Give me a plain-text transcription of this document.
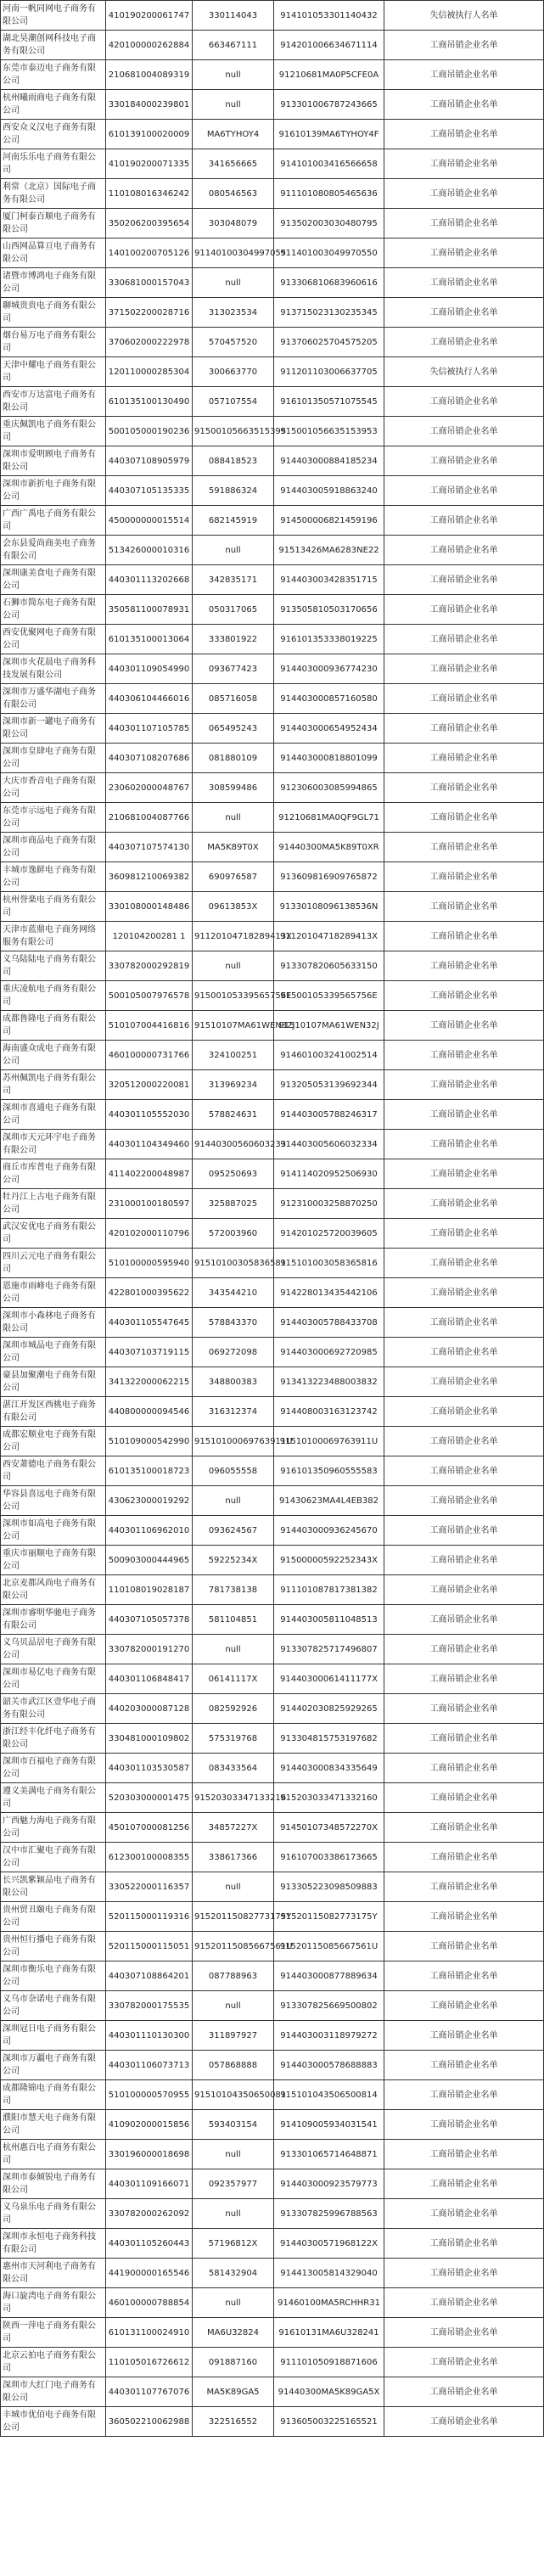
河南一帆同网电子商务有限公司	410190200061747	330114043	914101053301140432	失信被执行人名单
湖北昊潮创网科技电子商务有限公司	420100000262884	663467111	914201006634671114	工商吊销企业名单
东莞市泰迈电子商务有限公司	210681004089319	null	91210681MA0P5CFE0A	工商吊销企业名单
杭州曦雨商电子商务有限公司	330184000239801	null	913301006787243665	工商吊销企业名单
西安众义汉电子商务有限公司	610139100020009	MA6TYHOY4	91610139MA6TYHOY4F	工商吊销企业名单
河南乐乐电子商务有限公司	410190200071335	341656665	914101003416566658	工商吊销企业名单
利常（北京）国际电子商务有限公司	110108016346242	080546563	911101080805465636	工商吊销企业名单
厦门柯泰百顺电子商务有限公司	350206200395654	303048079	913502003030480795	工商吊销企业名单
山西网品算亘电子商务有限公司	140100200705126	91140100304997055	911401003049970550	工商吊销企业名单
诸暨市博鸿电子商务有限公司	330681000157043	null	913306810683960616	工商吊销企业名单
聊城贵贵电子商务有限公司	371502200028716	313023534	913715023130235345	工商吊销企业名单
烟台易万电子商务有限公司	370602000222978	570457520	913706025704575205	工商吊销企业名单
天津中耀电子商务有限公司	120110000285304	300663770	911201103006637705	失信被执行人名单
西安市万达富电子商务有限公司	610135100130490	057107554	916101350571075545	工商吊销企业名单
重庆佩凯电子商务有限公司	500105000190236	91500105663515395	915001056635153953	工商吊销企业名单
深圳市爱明顾电子商务有限公司	440307108905979	088418523	914403000884185234	工商吊销企业名单
深圳市新折电子商务有限公司	440307105135335	591886324	914403005918863240	工商吊销企业名单
广西广禹电子商务有限公司	450000000015514	682145919	914500006821459196	工商吊销企业名单
会东县爱尚商美电子商务有限公司	513426000010316	null	91513426MA6283NE22	工商吊销企业名单
深圳康美食电子商务有限公司	440301113202668	342835171	914403003428351715	工商吊销企业名单
石狮市简东电子商务有限公司	350581100078931	050317065	913505810503170656	工商吊销企业名单
西安优聚网电子商务有限公司	610135100013064	333801922	916101353338019225	工商吊销企业名单
深圳市火花晨电子商务科技发展有限公司	440301109054990	093677423	914403000936774230	工商吊销企业名单
深圳市万盛华湖电子商务有限公司	440306104466016	085716058	914403000857160580	工商吊销企业名单
深圳市新一罐电子商务有限公司	440301107105785	065495243	914403000654952434	工商吊销企业名单
深圳市皇肆电子商务有限公司	440307108207686	081880109	914403000818801099	工商吊销企业名单
大庆市香音电子商务有限公司	230602000048767	308599486	912306003085994865	工商吊销企业名单
东莞市示远电子商务有限公司	210681004087766	null	91210681MA0QF9GL71	工商吊销企业名单
深圳市商品电子商务有限公司	440307107574130	MA5K89T0X	91440300MA5K89T0XR	工商吊销企业名单
丰城市逸鲜电子商务有限公司	360981210069382	690976587	913609816909765872	工商吊销企业名单
杭州誉楽电子商务有限公司	330108000148486	09613853X	91330108096138536N	工商吊销企业名单
天津市蓝鼎电子商务网络服务有限公司	120104200281 1	91120104718289413X	91120104718289413X	工商吊销企业名单
义乌陆陆电子商务有限公司	330782000292819	null	913307820605633150	工商吊销企业名单
重庆凌航电子商务有限公司	500105007976578	91500105339565756E	91500105339565756E	工商吊销企业名单
成都鲁隆电子商务有限公司	510107004416816	91510107MA61WEN32J	91510107MA61WEN32J	工商吊销企业名单
海南盛众成电子商务有限公司	460100000731766	324100251	914601003241002514	工商吊销企业名单
苏州佩凯电子商务有限公司	320512000220081	313969234	913205053139692344	工商吊销企业名单
深圳市喜通电子商务有限公司	440301105552030	578824631	914403005788246317	工商吊销企业名单
深圳市天元环宇电子商务有限公司	440301104349460	91440300560603233	914403005606032334	工商吊销企业名单
商丘市库普电子商务有限公司	411402200048987	095250693	914114020952506930	工商吊销企业名单
牡丹江上古电子商务有限公司	231000100180597	325887025	912310003258870250	工商吊销企业名单
武汉安优电子商务有限公司	420102000110796	572003960	914201025720039605	工商吊销企业名单
四川云元电子商务有限公司	510100000595940	91510100305836581	915101003058365816	工商吊销企业名单
恩施市雨峰电子商务有限公司	422801000395622	343544210	914228013435442106	工商吊销企业名单
深圳市小森林电子商务有限公司	440301105547645	578843370	914403005788433708	工商吊销企业名单
深圳市城品电子商务有限公司	440307103719115	069272098	914403000692720985	工商吊销企业名单
豪县加聚潮电子商务有限公司	341322000062215	348800383	913413223488003832	工商吊销企业名单
湛江开发区西桃电子商务有限公司	440800000094546	316312374	914408003163123742	工商吊销企业名单
成都宏顺业电子商务有限公司	510109000542990	91510100069763911U	91510100069763911U	工商吊销企业名单
西安萧德电子商务有限公司	610135100018723	096055558	916101350960555583	工商吊销企业名单
华容县喜远电子商务有限公司	430623000019292	null	91430623MA4L4EB382	工商吊销企业名单
深圳市如高电子商务有限公司	440301106962010	093624567	914403000936245670	工商吊销企业名单
重庆市丽顺电子商务有限公司	500903000444965	59225234X	91500000592252343X	工商吊销企业名单
北京麦都风尚电子商务有限公司	110108019028187	781738138	911101087817381382	工商吊销企业名单
深圳市睿明华驰电子商务有限公司	440307105057378	581104851	914403005811048513	工商吊销企业名单
义乌贝品居电子商务有限公司	330782000191270	null	913307825717496807	工商吊销企业名单
深圳市易亿电子商务有限公司	440301106848417	06141117X	91440300061411177X	工商吊销企业名单
韶关市武江区壹华电子商务有限公司	440203000087128	082592926	914402030825929265	工商吊销企业名单
浙江经丰化纤电子商务有限公司	330481000109802	575319768	913304815753197682	工商吊销企业名单
深圳市百福电子商务有限公司	440301103530587	083433564	914403000834335649	工商吊销企业名单
遵义美满电子商务有限公司	520303000001475	91520303347133216	915203033471332160	工商吊销企业名单
广西魅力海电子商务有限公司	450107000081256	34857227X	91450107348572270X	工商吊销企业名单
汉中市汇聚电子商务有限公司	612300100008355	338617366	916107003386173665	工商吊销企业名单
长兴凯紫颖品电子商务有限公司	330522000116357	null	913305223098509883	工商吊销企业名单
贵州贸丑颐电子商务有限公司	520115000119316	91520115082773175Y	91520115082773175Y	工商吊销企业名单
贵州恒行播电子商务有限公司	520115000115051	91520115085667561U	91520115085667561U	工商吊销企业名单
深圳市衡乐电子商务有限公司	440307108864201	087788963	914403000877889634	工商吊销企业名单
义乌市奈诺电子商务有限公司	330782000175535	null	913307825669500802	工商吊销企业名单
深圳冠日电子商务有限公司	440301110130300	311897927	914403003118979272	工商吊销企业名单
深圳市万疆电子商务有限公司	440301106073713	057868888	914403000578688883	工商吊销企业名单
成都隆锦电子商务有限公司	510100000570955	91510104350650081	915101043506500814	工商吊销企业名单
濮阳市慧天电子商务有限公司	410902000015856	593403154	914109005934031541	工商吊销企业名单
杭州惠百电子商务有限公司	330196000018698	null	913301065714648871	工商吊销企业名单
深圳市泰倾锐电子商务有限公司	440301109166071	092357977	914403000923579773	工商吊销企业名单
义乌泉乐电子商务有限公司	330782000262092	null	913307825996788563	工商吊销企业名单
深圳市永恒电子商务科技有限公司	440301105260443	57196812X	91440300571968122X	工商吊销企业名单
惠州市天河利电子商务有限公司	441900000165546	581432904	914413005814329040	工商吊销企业名单
海口旋湾电子商务有限公司	460100000788854	null	91460100MA5RCHHR31	工商吊销企业名单
陕西一萍电子商务有限公司	610131100024910	MA6U32824	91610131MA6U328241	工商吊销企业名单
北京云拍电子商务有限公司	110105016726612	091887160	911101050918871606	工商吊销企业名单
深圳市大红门电子商务有限公司	440301107767076	MA5K89GA5	91440300MA5K89GA5X	工商吊销企业名单
丰城市优佰电子商务有限公司	360502210062988	322516552	913605003225165521	工商吊销企业名单
